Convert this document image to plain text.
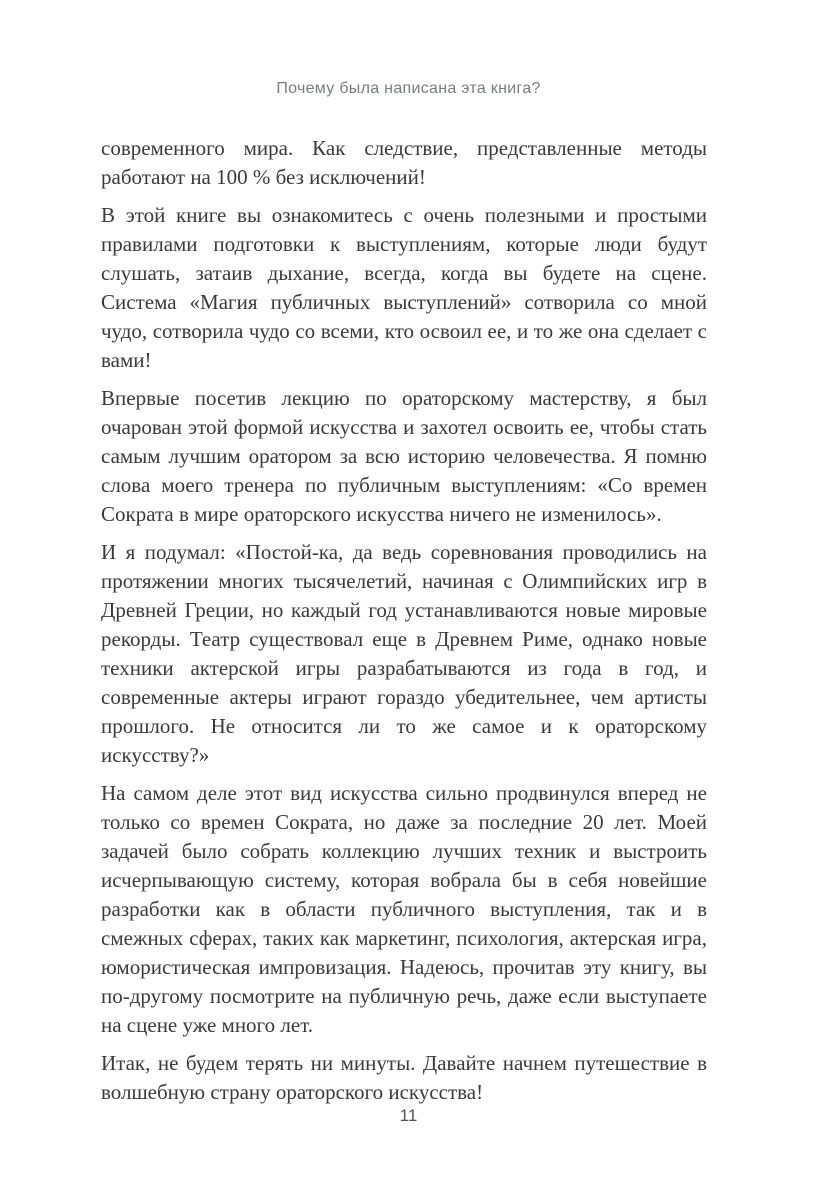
Почему была написана эта книга?

современного мира. Как следствие, представленные методы работают на 100 % без исключений!

В этой книге вы ознакомитесь с очень полезными и простыми правилами подготовки к выступлениям, которые люди будут слушать, затаив дыхание, всегда, когда вы будете на сцене. Система «Магия публичных выступлений» сотворила со мной чудо, сотворила чудо со всеми, кто освоил ее, и то же она сделает с вами!

Впервые посетив лекцию по ораторскому мастерству, я был очарован этой формой искусства и захотел освоить ее, чтобы стать самым лучшим оратором за всю историю человечества. Я помню слова моего тренера по публичным выступлениям: «Со времен Сократа в мире ораторского искусства ничего не изменилось».

И я подумал: «Постой-ка, да ведь соревнования проводились на протяжении многих тысячелетий, начиная с Олимпийских игр в Древней Греции, но каждый год устанавливаются новые мировые рекорды. Театр существовал еще в Древнем Риме, однако новые техники актерской игры разрабатываются из года в год, и современные актеры играют гораздо убедительнее, чем артисты прошлого. Не относится ли то же самое и к ораторскому искусству?»

На самом деле этот вид искусства сильно продвинулся вперед не только со времен Сократа, но даже за последние 20 лет. Моей задачей было собрать коллекцию лучших техник и выстроить исчерпывающую систему, которая вобрала бы в себя новейшие разработки как в области публичного выступления, так и в смежных сферах, таких как маркетинг, психология, актерская игра, юмористическая импровизация. Надеюсь, прочитав эту книгу, вы по-другому посмотрите на публичную речь, даже если выступаете на сцене уже много лет.

Итак, не будем терять ни минуты. Давайте начнем путешествие в волшебную страну ораторского искусства!

11
